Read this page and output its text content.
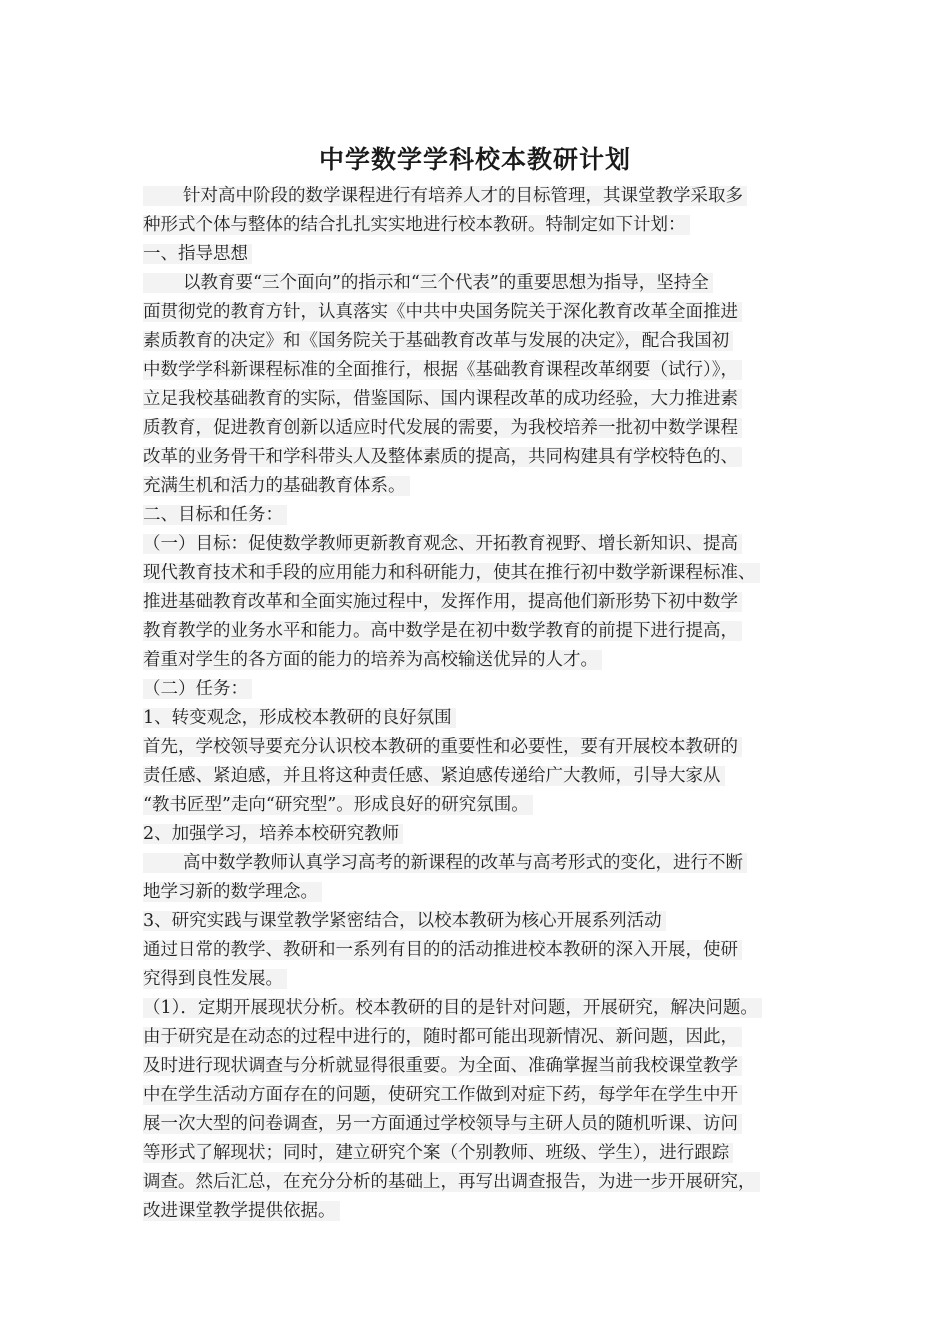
中学数学学科校本教研计划
针对高中阶段的数学课程进行有培养人才的目标管理，其课堂教学采取多
种形式个体与整体的结合扎扎实实地进行校本教研。特制定如下计划：
一、指导思想
以教育要“三个面向”的指示和“三个代表”的重要思想为指导，坚持全
面贯彻党的教育方针，认真落实《中共中央国务院关于深化教育改革全面推进
素质教育的决定》和《国务院关于基础教育改革与发展的决定》，配合我国初
中数学学科新课程标准的全面推行，根据《基础教育课程改革纲要（试行）》，
立足我校基础教育的实际，借鉴国际、国内课程改革的成功经验，大力推进素
质教育，促进教育创新以适应时代发展的需要，为我校培养一批初中数学课程
改革的业务骨干和学科带头人及整体素质的提高，共同构建具有学校特色的、
充满生机和活力的基础教育体系。
二、目标和任务：
（一）目标：促使数学教师更新教育观念、开拓教育视野、增长新知识、提高
现代教育技术和手段的应用能力和科研能力，使其在推行初中数学新课程标准、
推进基础教育改革和全面实施过程中，发挥作用，提高他们新形势下初中数学
教育教学的业务水平和能力。高中数学是在初中数学教育的前提下进行提高，
着重对学生的各方面的能力的培养为高校输送优异的人才。
（二）任务：
1、转变观念，形成校本教研的良好氛围
首先，学校领导要充分认识校本教研的重要性和必要性，要有开展校本教研的
责任感、紧迫感，并且将这种责任感、紧迫感传递给广大教师，引导大家从
“教书匠型”走向“研究型”。形成良好的研究氛围。
2、加强学习，培养本校研究教师
高中数学教师认真学习高考的新课程的改革与高考形式的变化，进行不断
地学习新的数学理念。
3、研究实践与课堂教学紧密结合，以校本教研为核心开展系列活动
通过日常的教学、教研和一系列有目的的活动推进校本教研的深入开展，使研
究得到良性发展。
（1）．定期开展现状分析。校本教研的目的是针对问题，开展研究，解决问题。
由于研究是在动态的过程中进行的，随时都可能出现新情况、新问题，因此，
及时进行现状调查与分析就显得很重要。为全面、准确掌握当前我校课堂教学
中在学生活动方面存在的问题，使研究工作做到对症下药，每学年在学生中开
展一次大型的问卷调查，另一方面通过学校领导与主研人员的随机听课、访问
等形式了解现状；同时，建立研究个案（个别教师、班级、学生），进行跟踪
调查。然后汇总，在充分分析的基础上，再写出调查报告，为进一步开展研究，
改进课堂教学提供依据。
